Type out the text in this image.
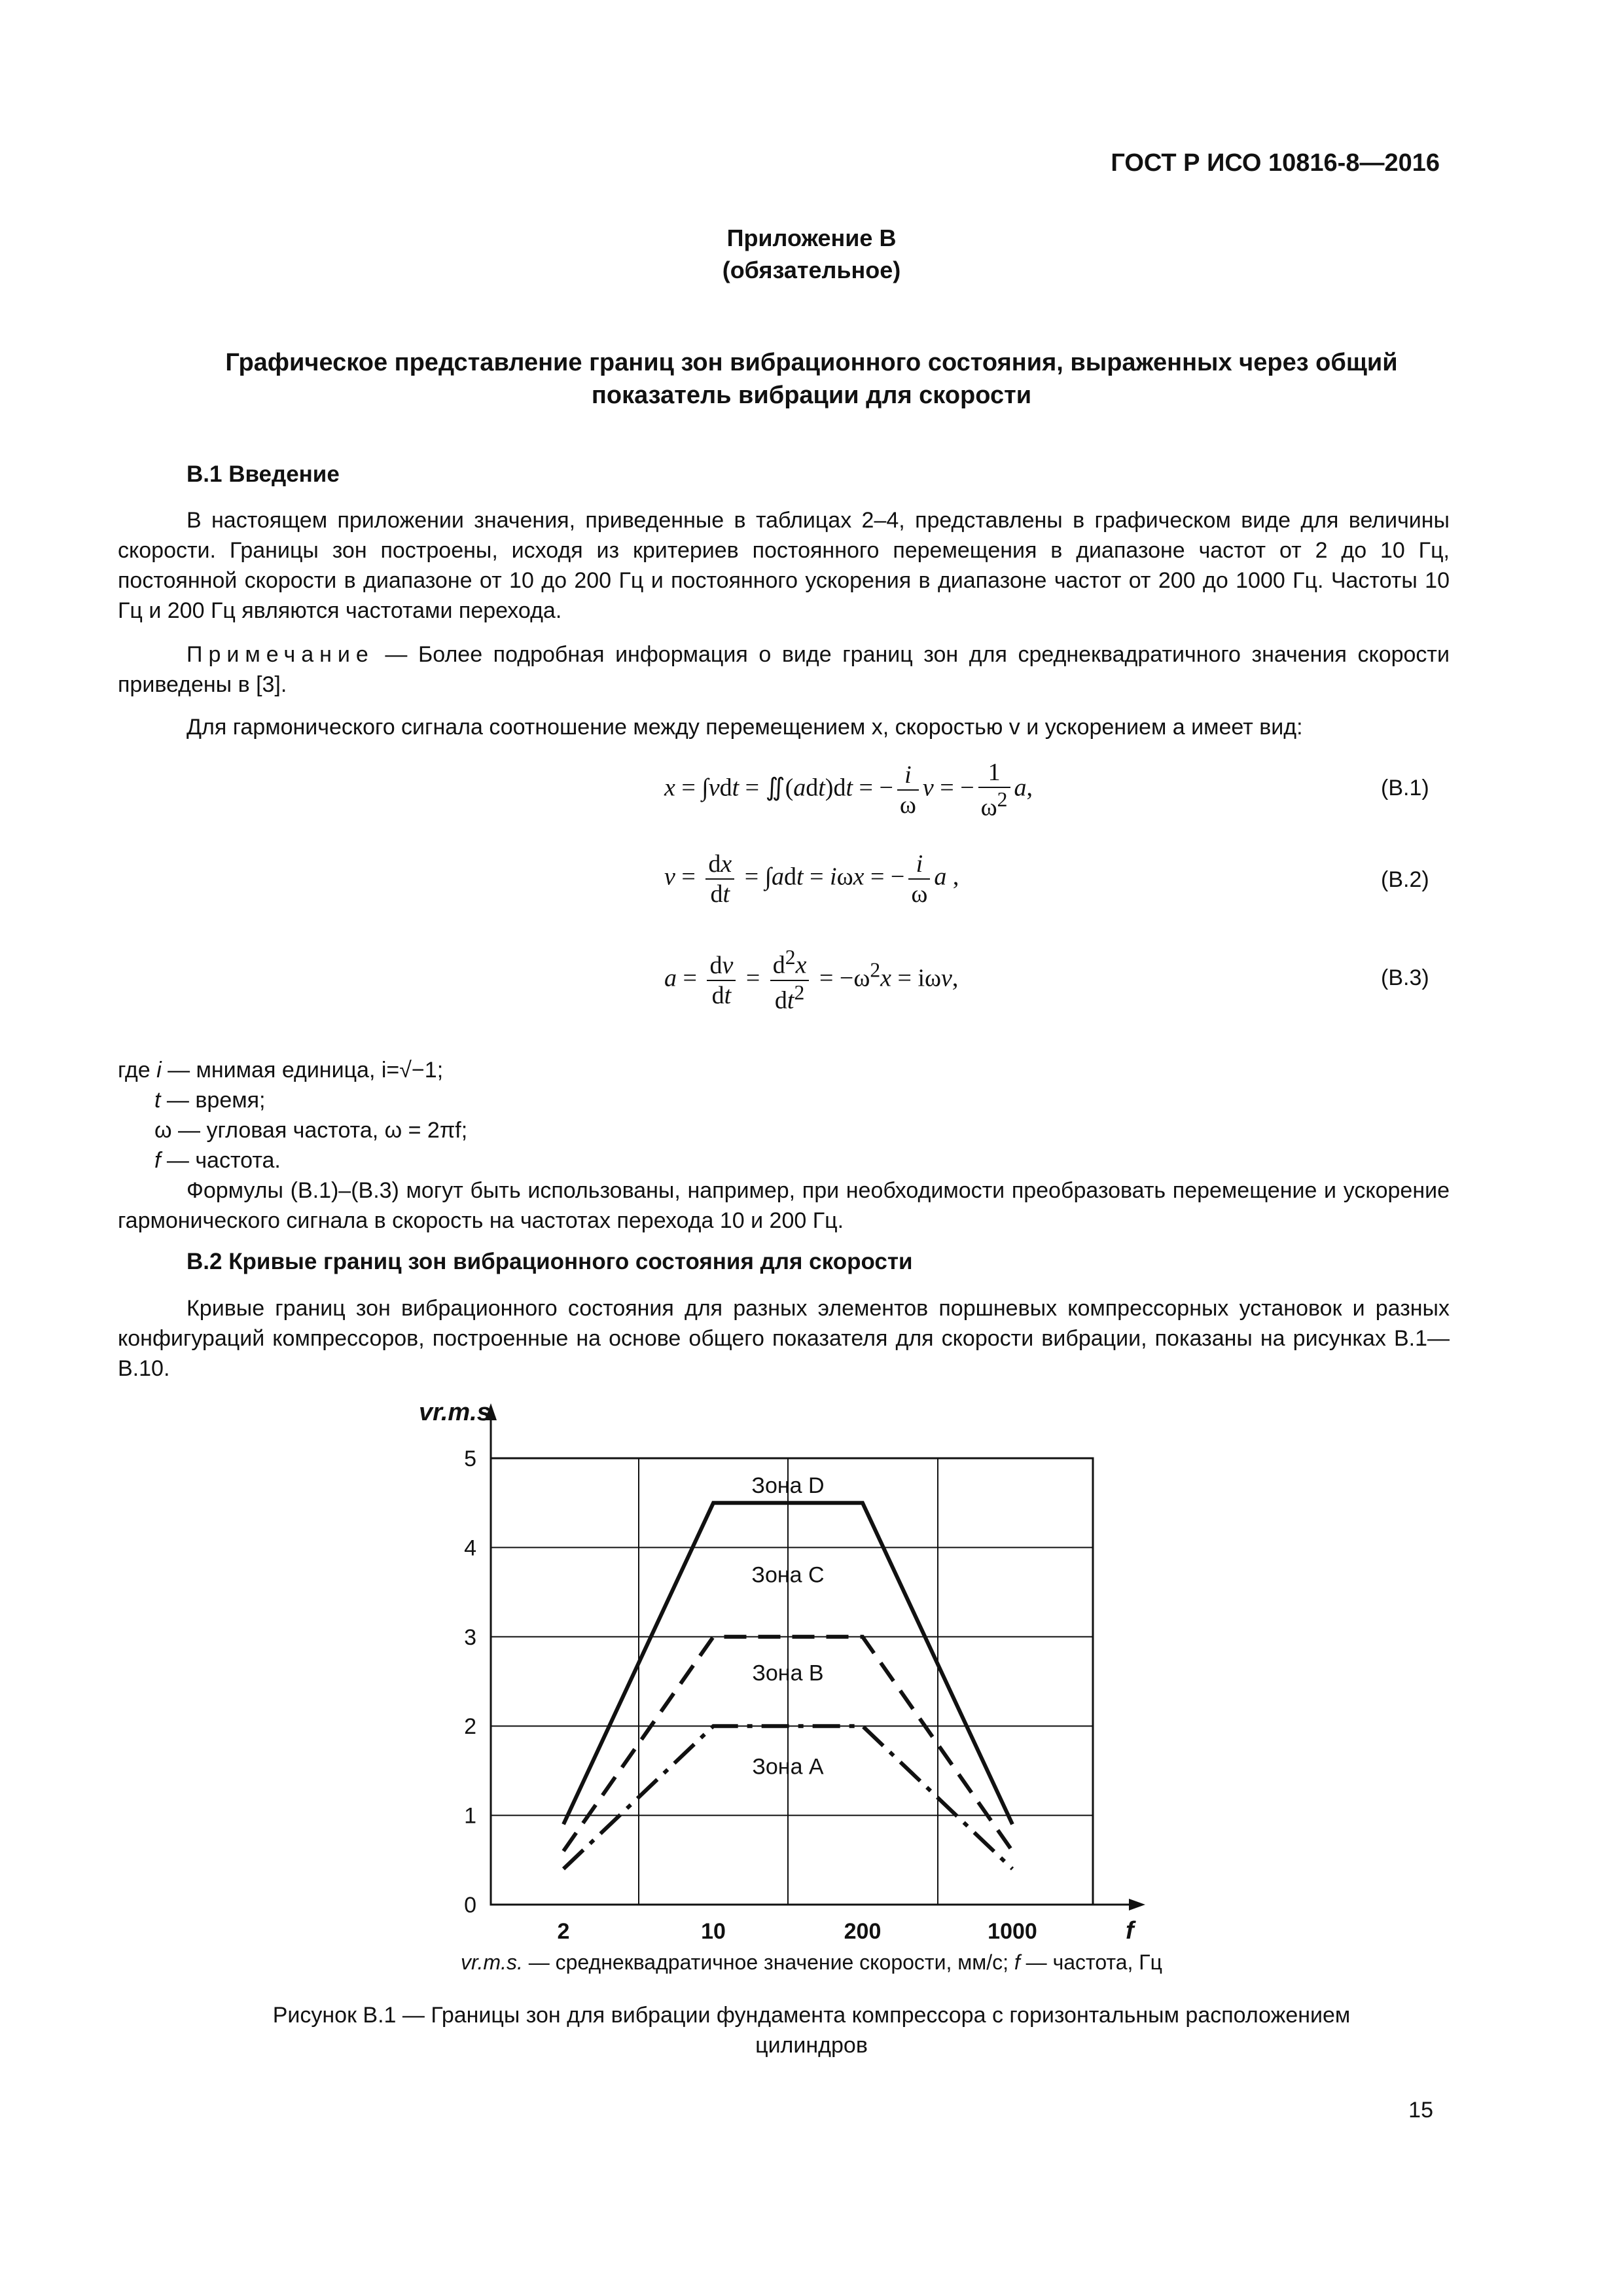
ГОСТ Р ИСО 10816-8—2016
Приложение В
(обязательное)
Графическое представление границ зон вибрационного состояния, выраженных через общий
показатель вибрации для скорости
В.1 Введение
В настоящем приложении значения, приведенные в таблицах 2–4, представлены в графическом виде для величины скорости. Границы зон построены, исходя из критериев постоянного перемещения в диапазоне частот от 2 до 10 Гц, постоянной скорости в диапазоне от 10 до 200 Гц и постоянного ускорения в диапазоне частот от 200 до 1000 Гц. Частоты 10 Гц и 200 Гц являются частотами перехода.
Примечание — Более подробная информация о виде границ зон для среднеквадратичного значения скорости приведены в [3].
Для гармонического сигнала соотношение между перемещением x, скоростью v и ускорением a имеет вид:
x = ∫vdt = ∬(adt)dt = − $\frac{i}{\omega}$ v = − $\frac{1}{\omega^2} a$,	(В.1)
$v = \frac{dx}{dt} = \int adt = i\omega x$ = − $\frac{i}{\omega}$ a ,	(В.2)
$a = \frac{dv}{dt} = \frac{d^2x}{dt^2} = -\omega^2x = i\omega v$,	(В.3)
где i — мнимая единица, i=√−1;
t — время;
ω — угловая частота, ω = 2πf;
f — частота.
Формулы (В.1)–(В.3) могут быть использованы, например, при необходимости преобразовать перемещение и ускорение гармонического сигнала в скорость на частотах перехода 10 и 200 Гц.
В.2 Кривые границ зон вибрационного состояния для скорости
Кривые границ зон вибрационного состояния для разных элементов поршневых компрессорных установок и разных конфигураций компрессоров, построенные на основе общего показателя для скорости вибрации, показаны на рисунках В.1—В.10.
0
1
2
3
4
5
2	10	200	1000
vr.m.s.
f
Зона D
Зона C
Зона B
Зона A
vr.m.s. — среднеквадратичное значение скорости, мм/с; f — частота, Гц
Рисунок В.1 — Границы зон для вибрации фундамента компрессора с горизонтальным расположением
цилиндров
15
